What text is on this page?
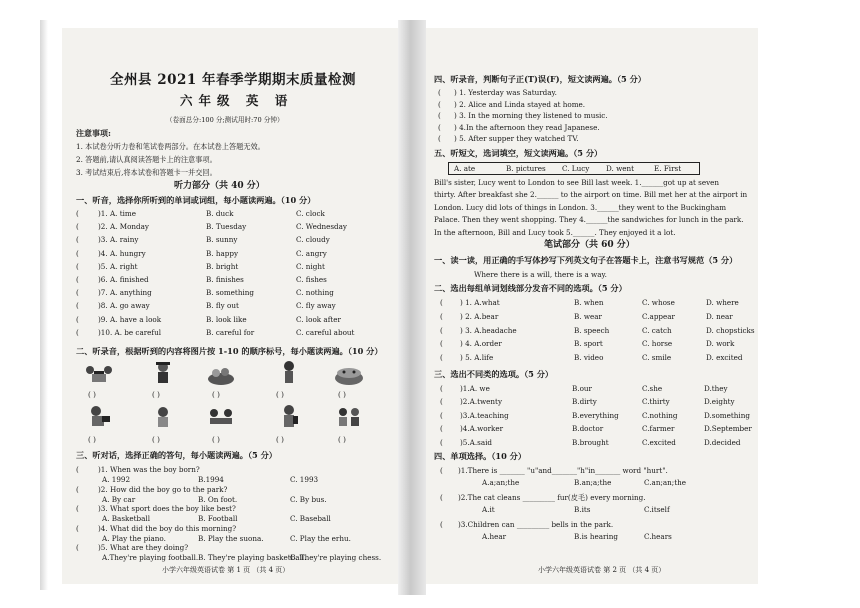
全州县 2021 年春季学期期末质量检测
六年级 英 语
（卷面总分:100 分;测试用时:70 分钟）
注意事项:
1. 本试卷分听力卷和笔试卷两部分。在本试卷上答题无效。
2. 答题前,请认真阅读答题卡上的注意事项。
3. 考试结束后,将本试卷和答题卡一并交回。
听力部分（共 40 分）
一、听音，选择你所听到的单词或词组，每小题读两遍。（10 分）
(	)1. A. time	B. duck	C. clock
(	)2. A. Monday	B. Tuesday	C. Wednesday
(	)3. A. rainy	B. sunny	C. cloudy
(	)4. A. hungry	B. happy	C. angry
(	)5. A. right	B. bright	C. night
(	)6. A. finished	B. finishes	C. fishes
(	)7. A. anything	B. something	C. nothing
(	)8. A. go away	B. fly out	C. fly away
(	)9. A. have a look	B. look like	C. look after
(	)10. A. be careful	B. careful for	C. careful about
二、听录音，根据听到的内容将图片按 1-10 的顺序标号，每小题读两遍。（10 分）
( )	( )	( )	( )	( )
( )	( )	( )	( )	( )
三、听对话，选择正确的答句，每小题读两遍。（5 分）
(	)1. When was the boy born?
A. 1992	B.1994	C. 1993
(	)2. How did the boy go to the park?
A. By car	B. On foot.	C. By bus.
(	)3. What sport does the boy like best?
A. Basketball	B. Football	C. Baseball
(	)4. What did the boy do this morning?
A. Play the piano.	B. Play the suona.	C. Play the erhu.
(	)5. What are they doing?
A.They're playing football. B. They're playing basketball.
C. They're playing chess.
小学六年级英语试卷 第 1 页 （共 4 页）
四、听录音，判断句子正(T)误(F)，短文读两遍。（5 分）
( ) 1. Yesterday was Saturday.
( ) 2. Alice and Linda stayed at home.
( ) 3. In the morning they listened to music.
( ) 4.In the afternoon they read Japanese.
( ) 5. After supper they watched TV.
五、听短文，选词填空，短文读两遍。（5 分）
A. ate	B. pictures C. Lucy D. went	E. First
Bill's sister, Lucy went to London to see Bill last week. 1.______got up at seven
thirty. After breakfast she 2.______ to the airport on time. Bill met her at the airport in
London. Lucy did lots of things in London. 3.______they went to the Buckingham
Palace. Then they went shopping. They 4.______the sandwiches for lunch in the park.
In the afternoon, Bill and Lucy took 5.______. They enjoyed it a lot.
笔试部分（共 60 分）
一、读一读，用正确的手写体抄写下列英文句子在答题卡上，注意书写规范（5 分）
Where there is a will, there is a way.
二、选出每组单词划线部分发音不同的选项。（5 分）
( ) 1. A.what	B. when	C. whose	D. where
( ) 2. A.bear	B. wear	C.appear	D. near
( ) 3. A.headache	B. speech	C. catch	D. chopsticks
( ) 4. A.order	B. sport	C. horse	D. work
( ) 5. A.life	B. video	C. smile	D. excited
三、选出不同类的选项。（5 分）
( )1.A. we	B.our	C.she	D.they
( )2.A.twenty	B.dirty	C.thirty	D.eighty
( )3.A.teaching	B.everything	C.nothing	D.something
( )4.A.worker	B.doctor	C.farmer	D.September
( )5.A.said	B.brought	C.excited	D.decided
四、单项选择。（10 分）
( )1.There is _______ "u"and_______"h"in_______ word "hurt".
A.a;an;the	B.an;a;the	C.an;an;the
( )2.The cat cleans _________ fur(皮毛) every morning.
A.it	B.its	C.itself
( )3.Children can _________ bells in the park.
A.hear	B.is hearing	C.hears
小学六年级英语试卷 第 2 页 （共 4 页）
